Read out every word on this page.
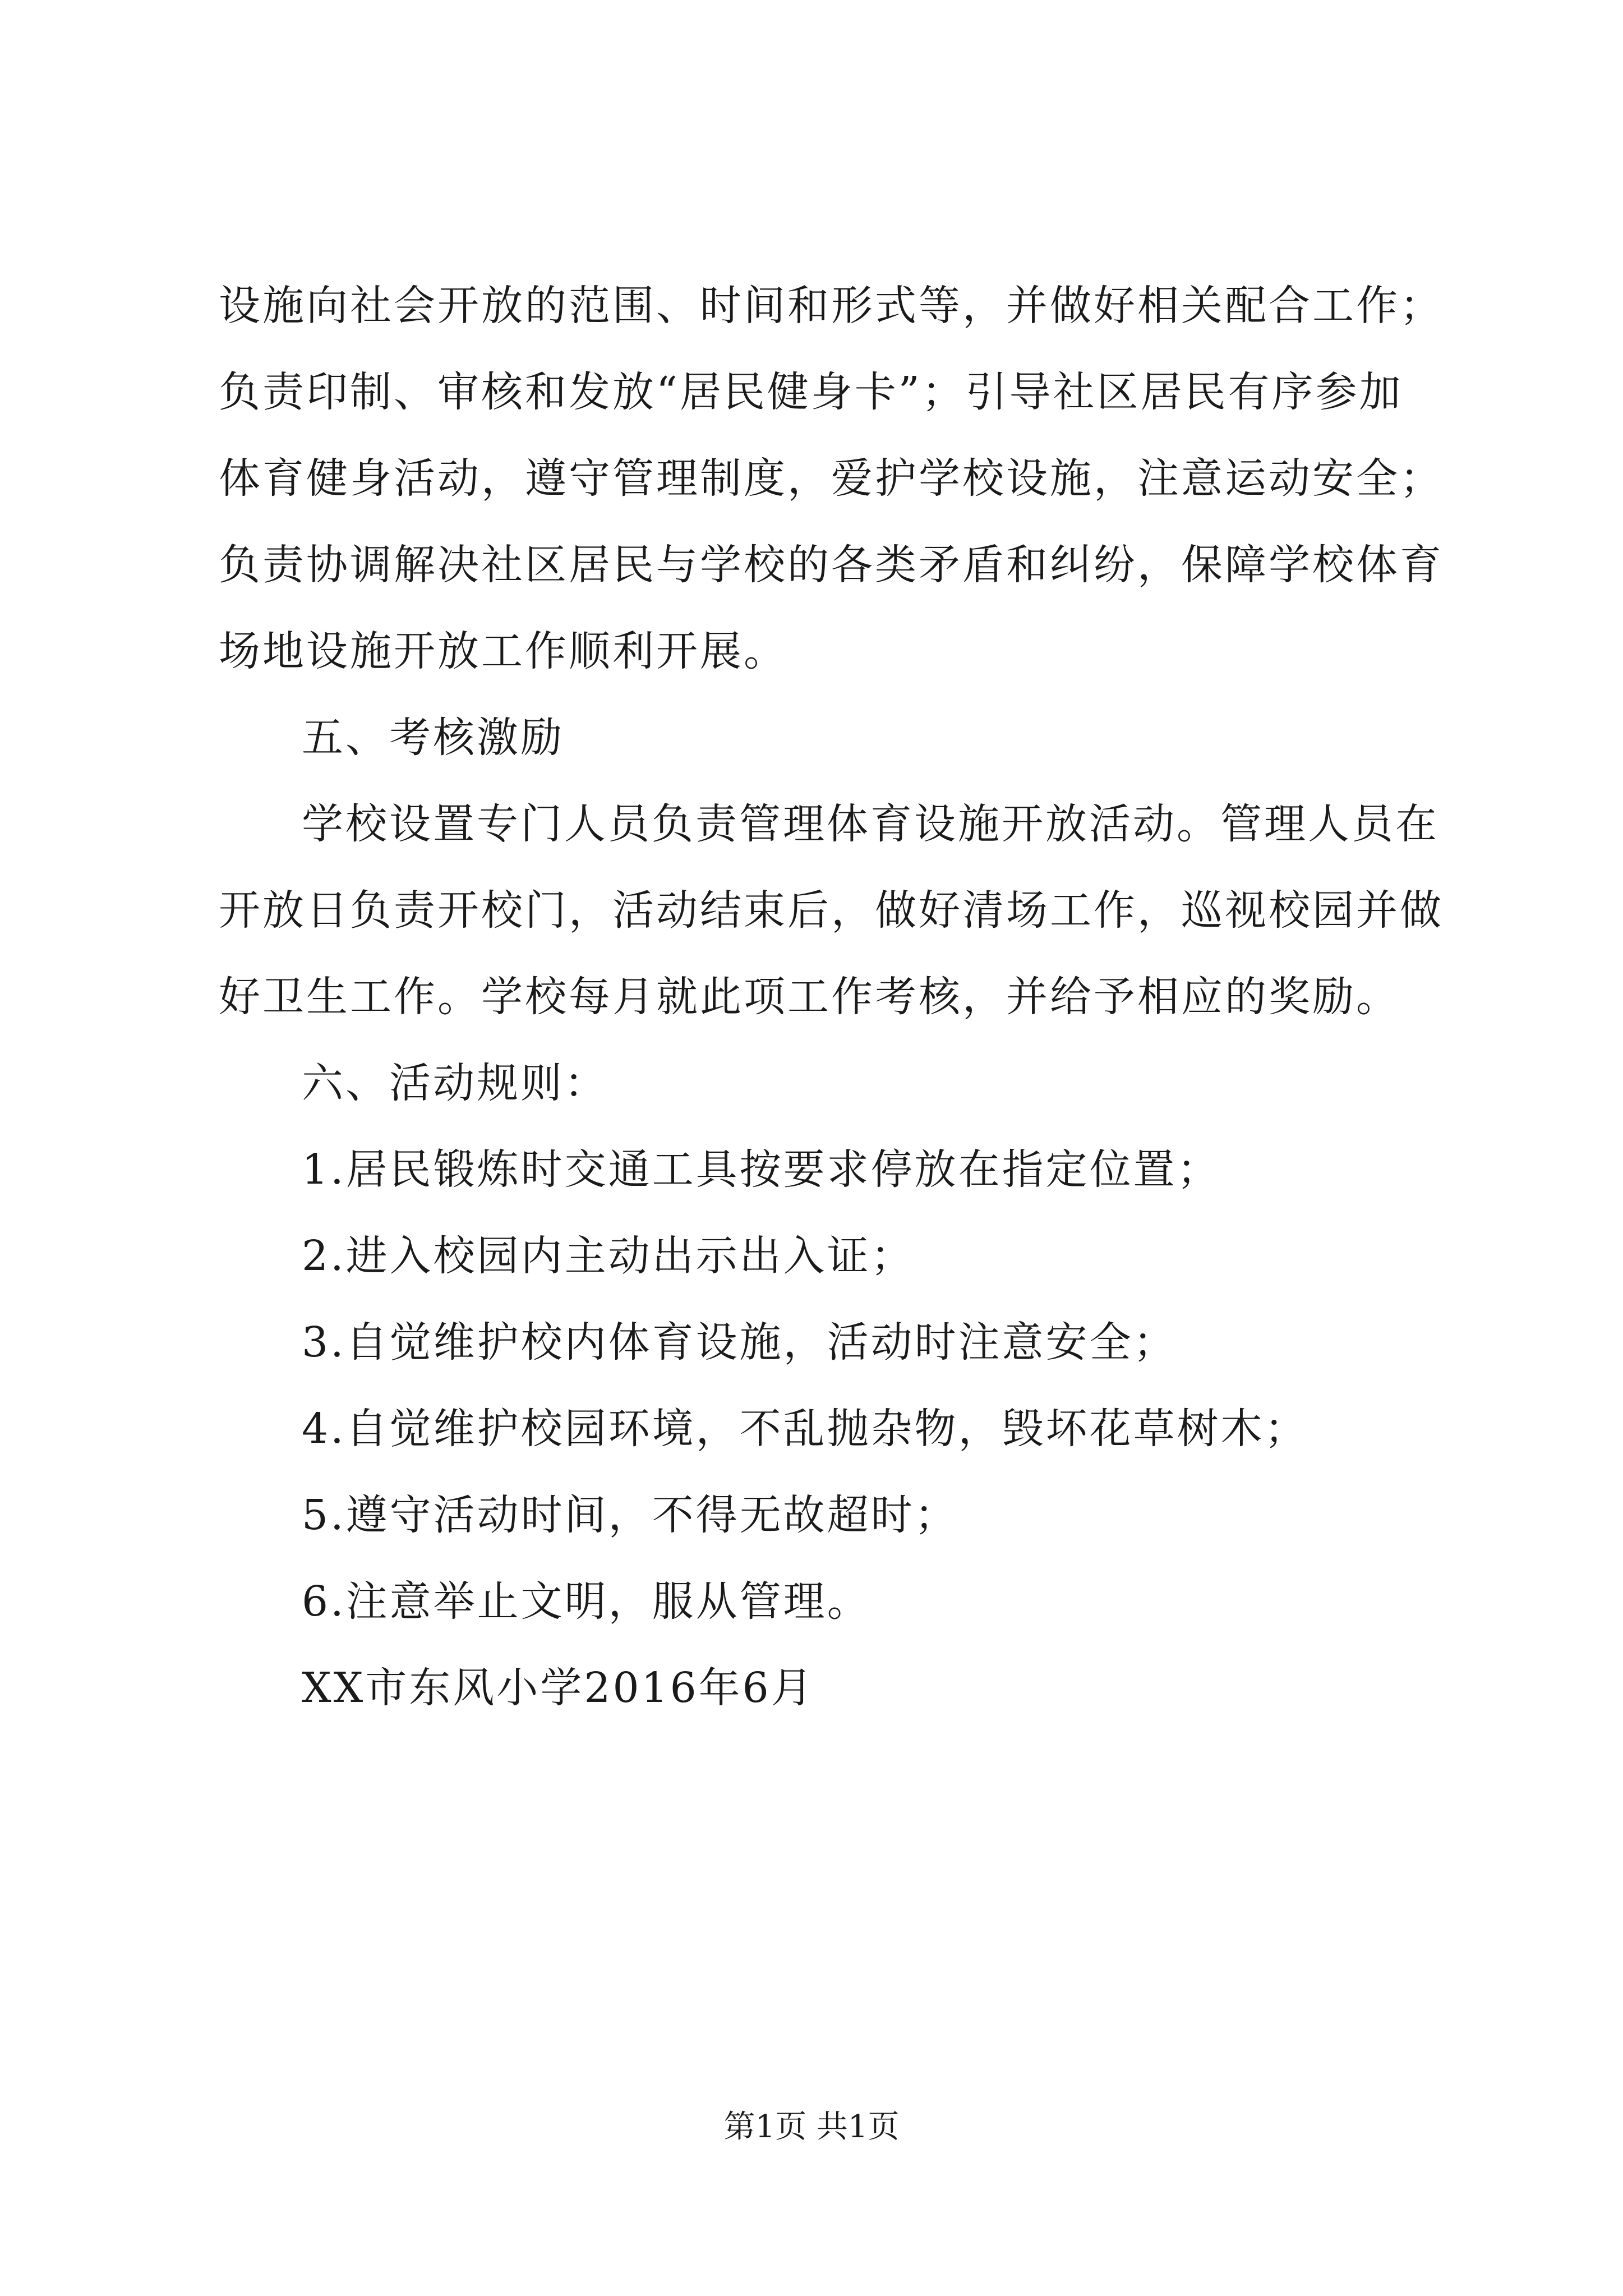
设施向社会开放的范围、时间和形式等，并做好相关配合工作；
负责印制、审核和发放“居民健身卡”；引导社区居民有序参加
体育健身活动，遵守管理制度，爱护学校设施，注意运动安全；
负责协调解决社区居民与学校的各类矛盾和纠纷，保障学校体育
场地设施开放工作顺利开展。
五、考核激励
学校设置专门人员负责管理体育设施开放活动。管理人员在
开放日负责开校门，活动结束后，做好清场工作，巡视校园并做
好卫生工作。学校每月就此项工作考核，并给予相应的奖励。
六、活动规则：
1.居民锻炼时交通工具按要求停放在指定位置；
2.进入校园内主动出示出入证；
3.自觉维护校内体育设施，活动时注意安全；
4.自觉维护校园环境，不乱抛杂物，毁坏花草树木；
5.遵守活动时间，不得无故超时；
6.注意举止文明，服从管理。
XX市东风小学2016年6月
第1页 共1页
